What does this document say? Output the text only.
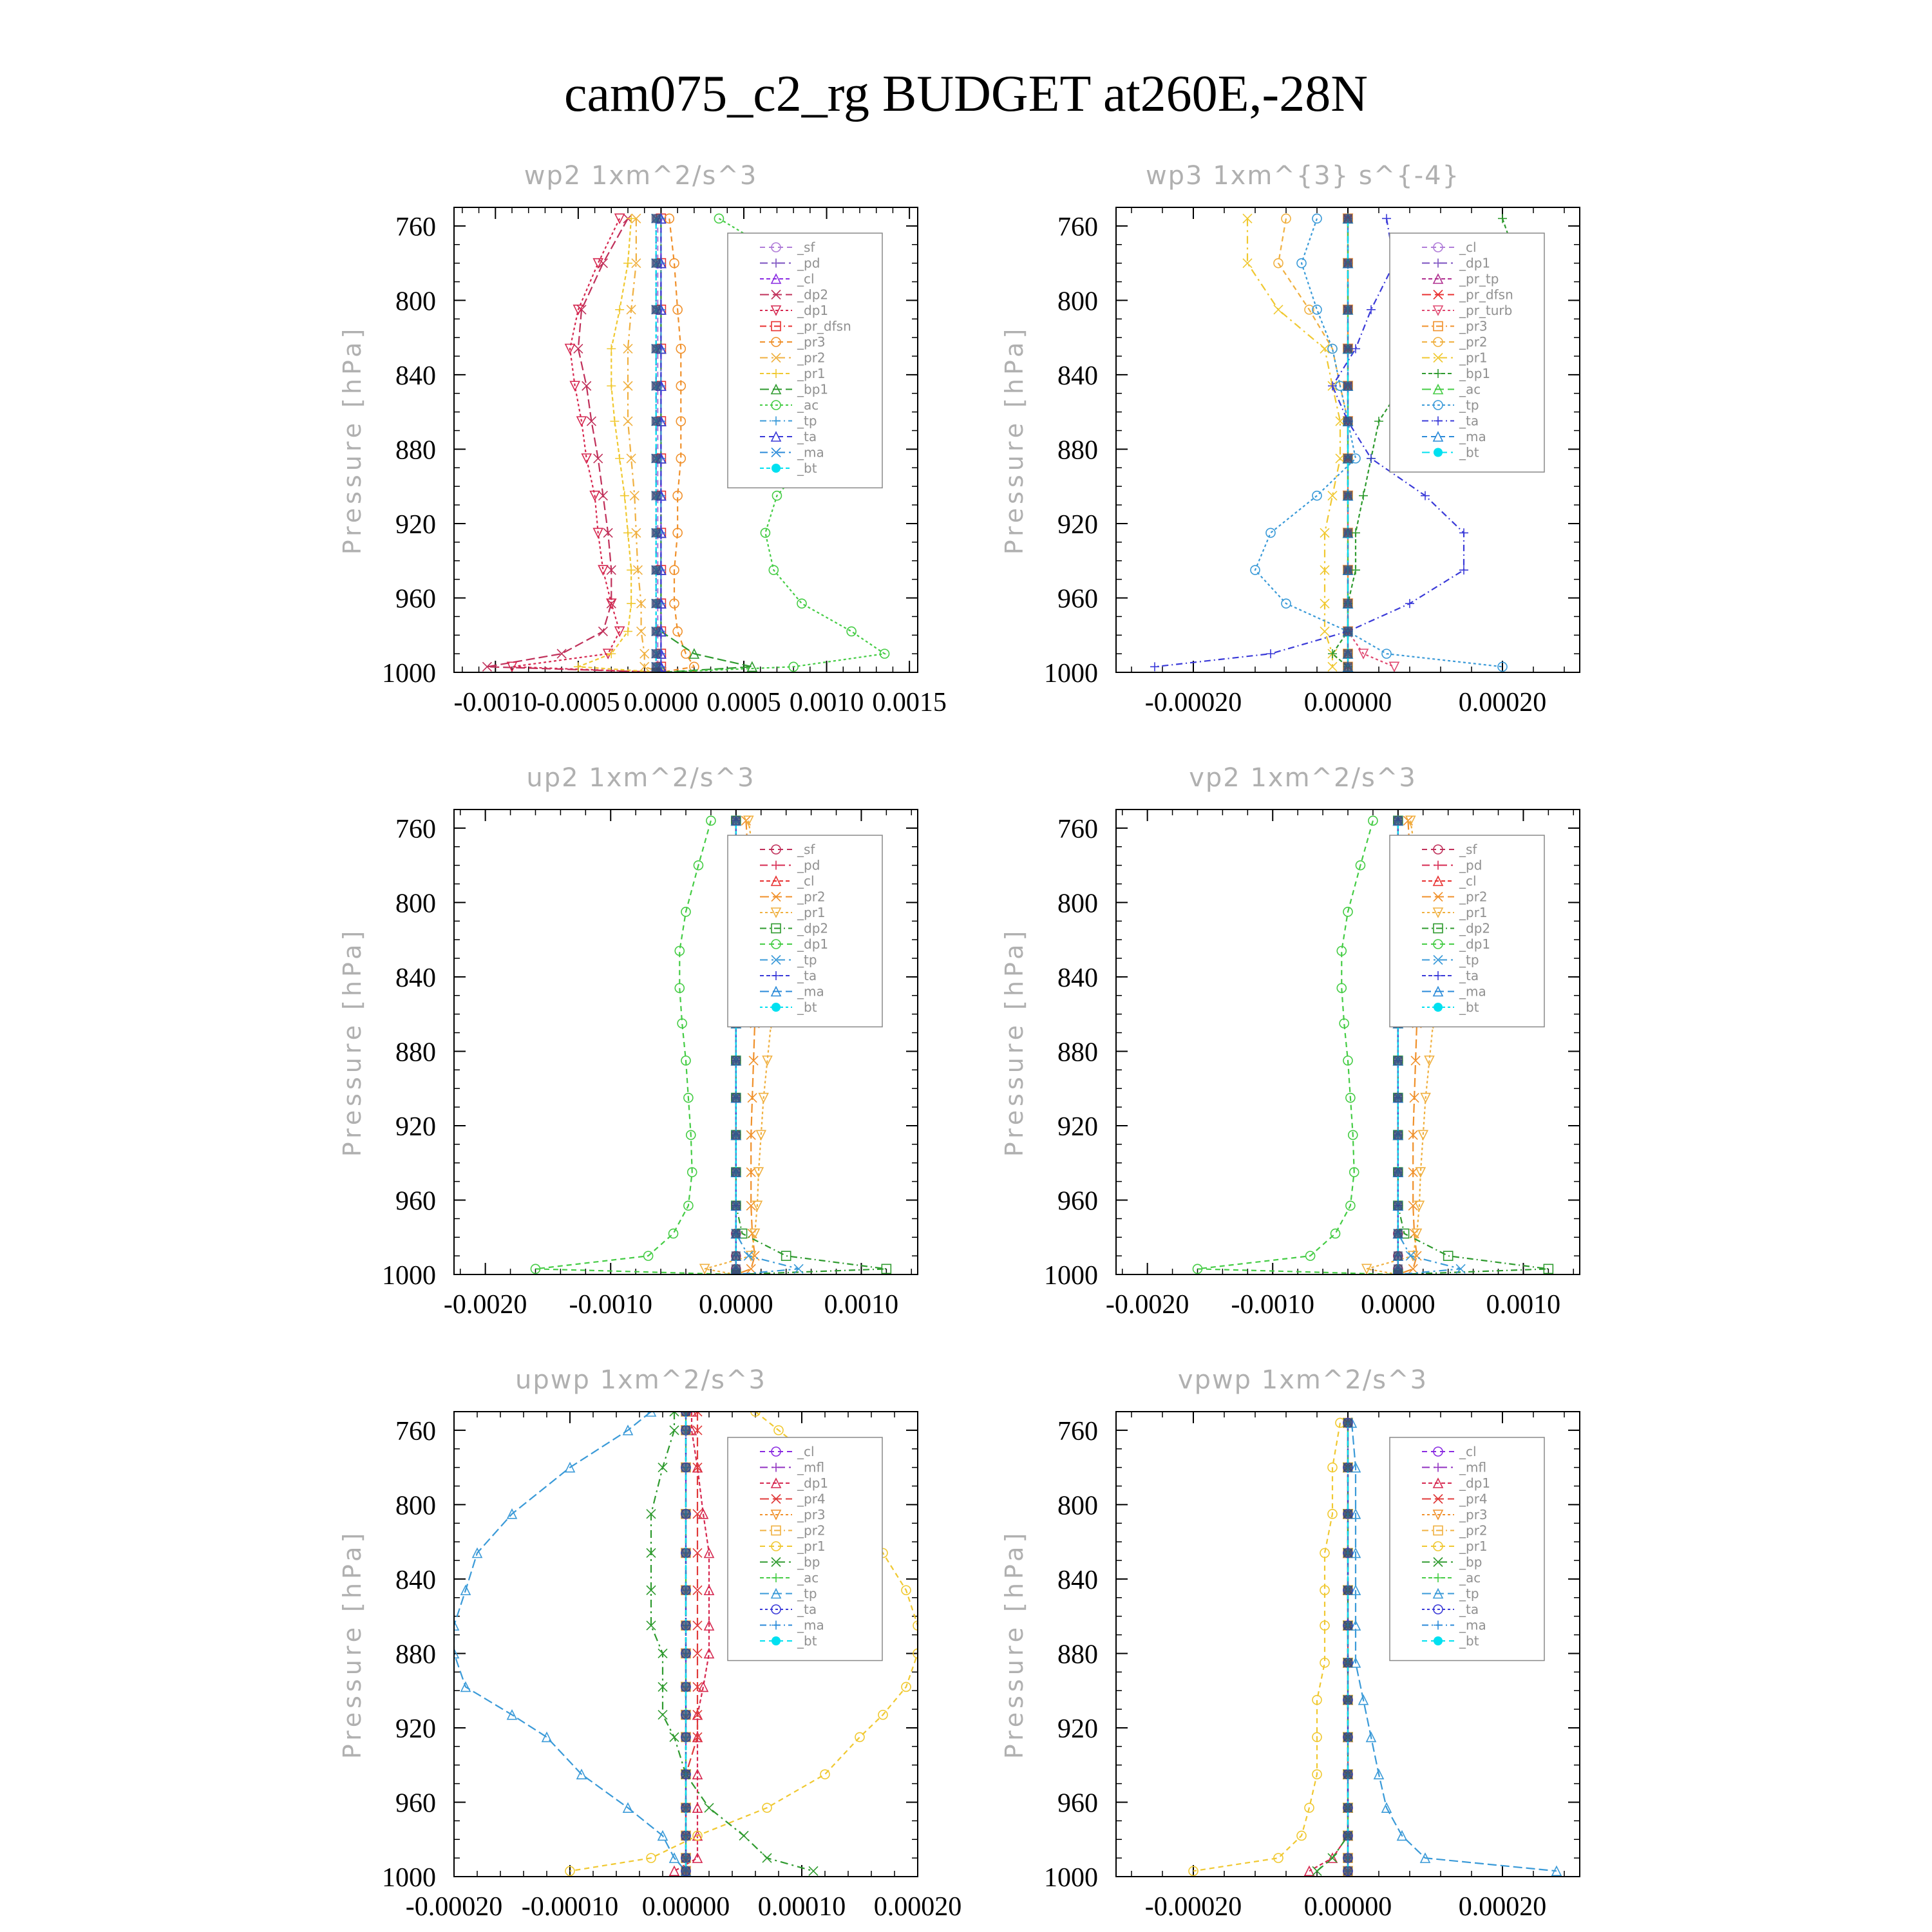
cam075_c2_rg BUDGET at260E,-28N
wp2 1xm^2/s^3
Pressure [hPa]
760
800
840
880
920
960
1000
-0.0010 -0.0005 0.0000 0.0005 0.0010 0.0015
_sf
_pd
_cl
_dp2
_dp1
_pr_dfsn
_pr3
_pr2
_pr1
_bp1
_ac
_tp
_ta
_ma
_bt
wp3 1xm^{3} s^{-4}
Pressure [hPa]
760
800
840
880
920
960
1000
-0.00020 0.00000 0.00020
_cl
_dp1
_pr_tp
_pr_dfsn
_pr_turb
_pr3
_pr2
_pr1
_bp1
_ac
_tp
_ta
_ma
_bt
up2 1xm^2/s^3
Pressure [hPa]
760
800
840
880
920
960
1000
-0.0020 -0.0010 0.0000 0.0010
_sf
_pd
_cl
_pr2
_pr1
_dp2
_dp1
_tp
_ta
_ma
_bt
vp2 1xm^2/s^3
Pressure [hPa]
760
800
840
880
920
960
1000
-0.0020 -0.0010 0.0000 0.0010
_sf
_pd
_cl
_pr2
_pr1
_dp2
_dp1
_tp
_ta
_ma
_bt
upwp 1xm^2/s^3
Pressure [hPa]
760
800
840
880
920
960
1000
-0.00020 -0.00010 0.00000 0.00010 0.00020
_cl
_mfl
_dp1
_pr4
_pr3
_pr2
_pr1
_bp
_ac
_tp
_ta
_ma
_bt
vpwp 1xm^2/s^3
Pressure [hPa]
760
800
840
880
920
960
1000
-0.00020 0.00000 0.00020
_cl
_mfl
_dp1
_pr4
_pr3
_pr2
_pr1
_bp
_ac
_tp
_ta
_ma
_bt
